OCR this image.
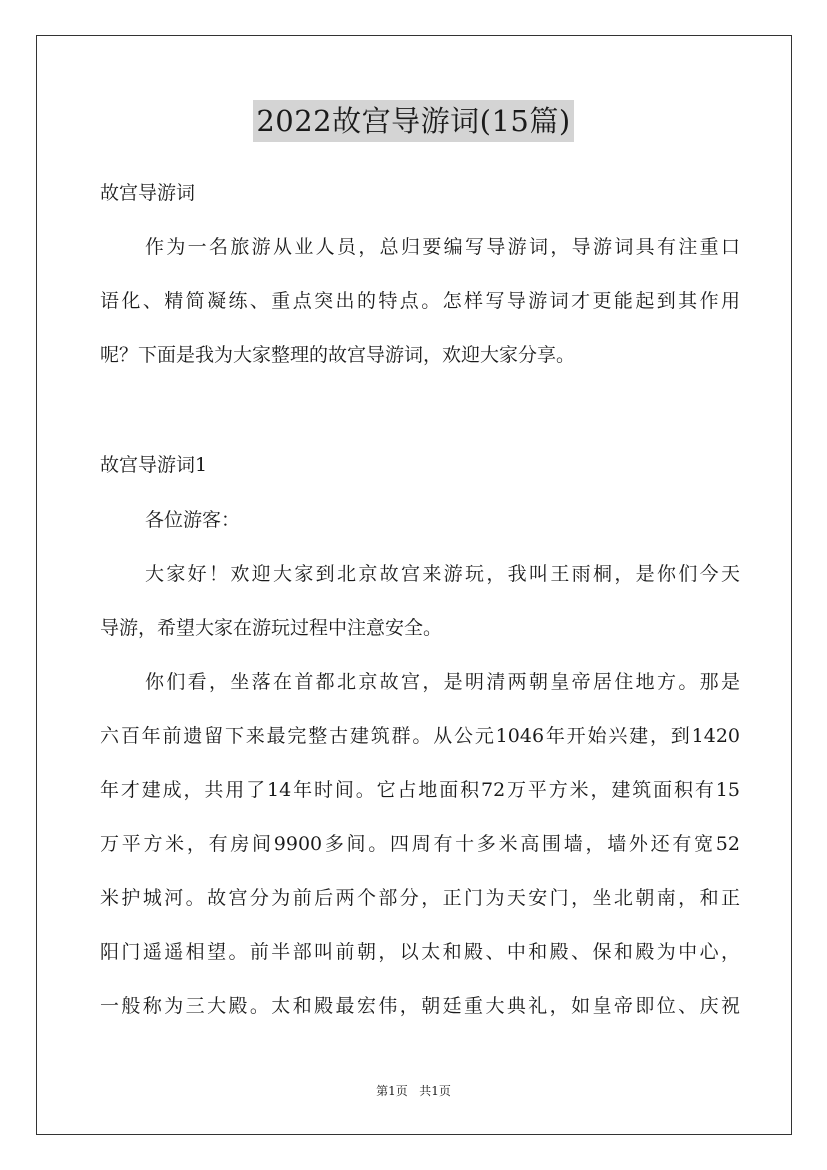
2022故宫导游词(15篇)
故宫导游词
作为一名旅游从业人员，总归要编写导游词，导游词具有注重口
语化、精简凝练、重点突出的特点。怎样写导游词才更能起到其作用
呢？下面是我为大家整理的故宫导游词，欢迎大家分享。
故宫导游词1
各位游客：
大家好！欢迎大家到北京故宫来游玩，我叫王雨桐，是你们今天
导游，希望大家在游玩过程中注意安全。
你们看，坐落在首都北京故宫，是明清两朝皇帝居住地方。那是
六百年前遗留下来最完整古建筑群。从公元1046年开始兴建，到1420
年才建成，共用了14年时间。它占地面积72万平方米，建筑面积有15
万平方米，有房间9900多间。四周有十多米高围墙，墙外还有宽52
米护城河。故宫分为前后两个部分，正门为天安门，坐北朝南，和正
阳门遥遥相望。前半部叫前朝，以太和殿、中和殿、保和殿为中心，
一般称为三大殿。太和殿最宏伟，朝廷重大典礼，如皇帝即位、庆祝
第1页 共1页
